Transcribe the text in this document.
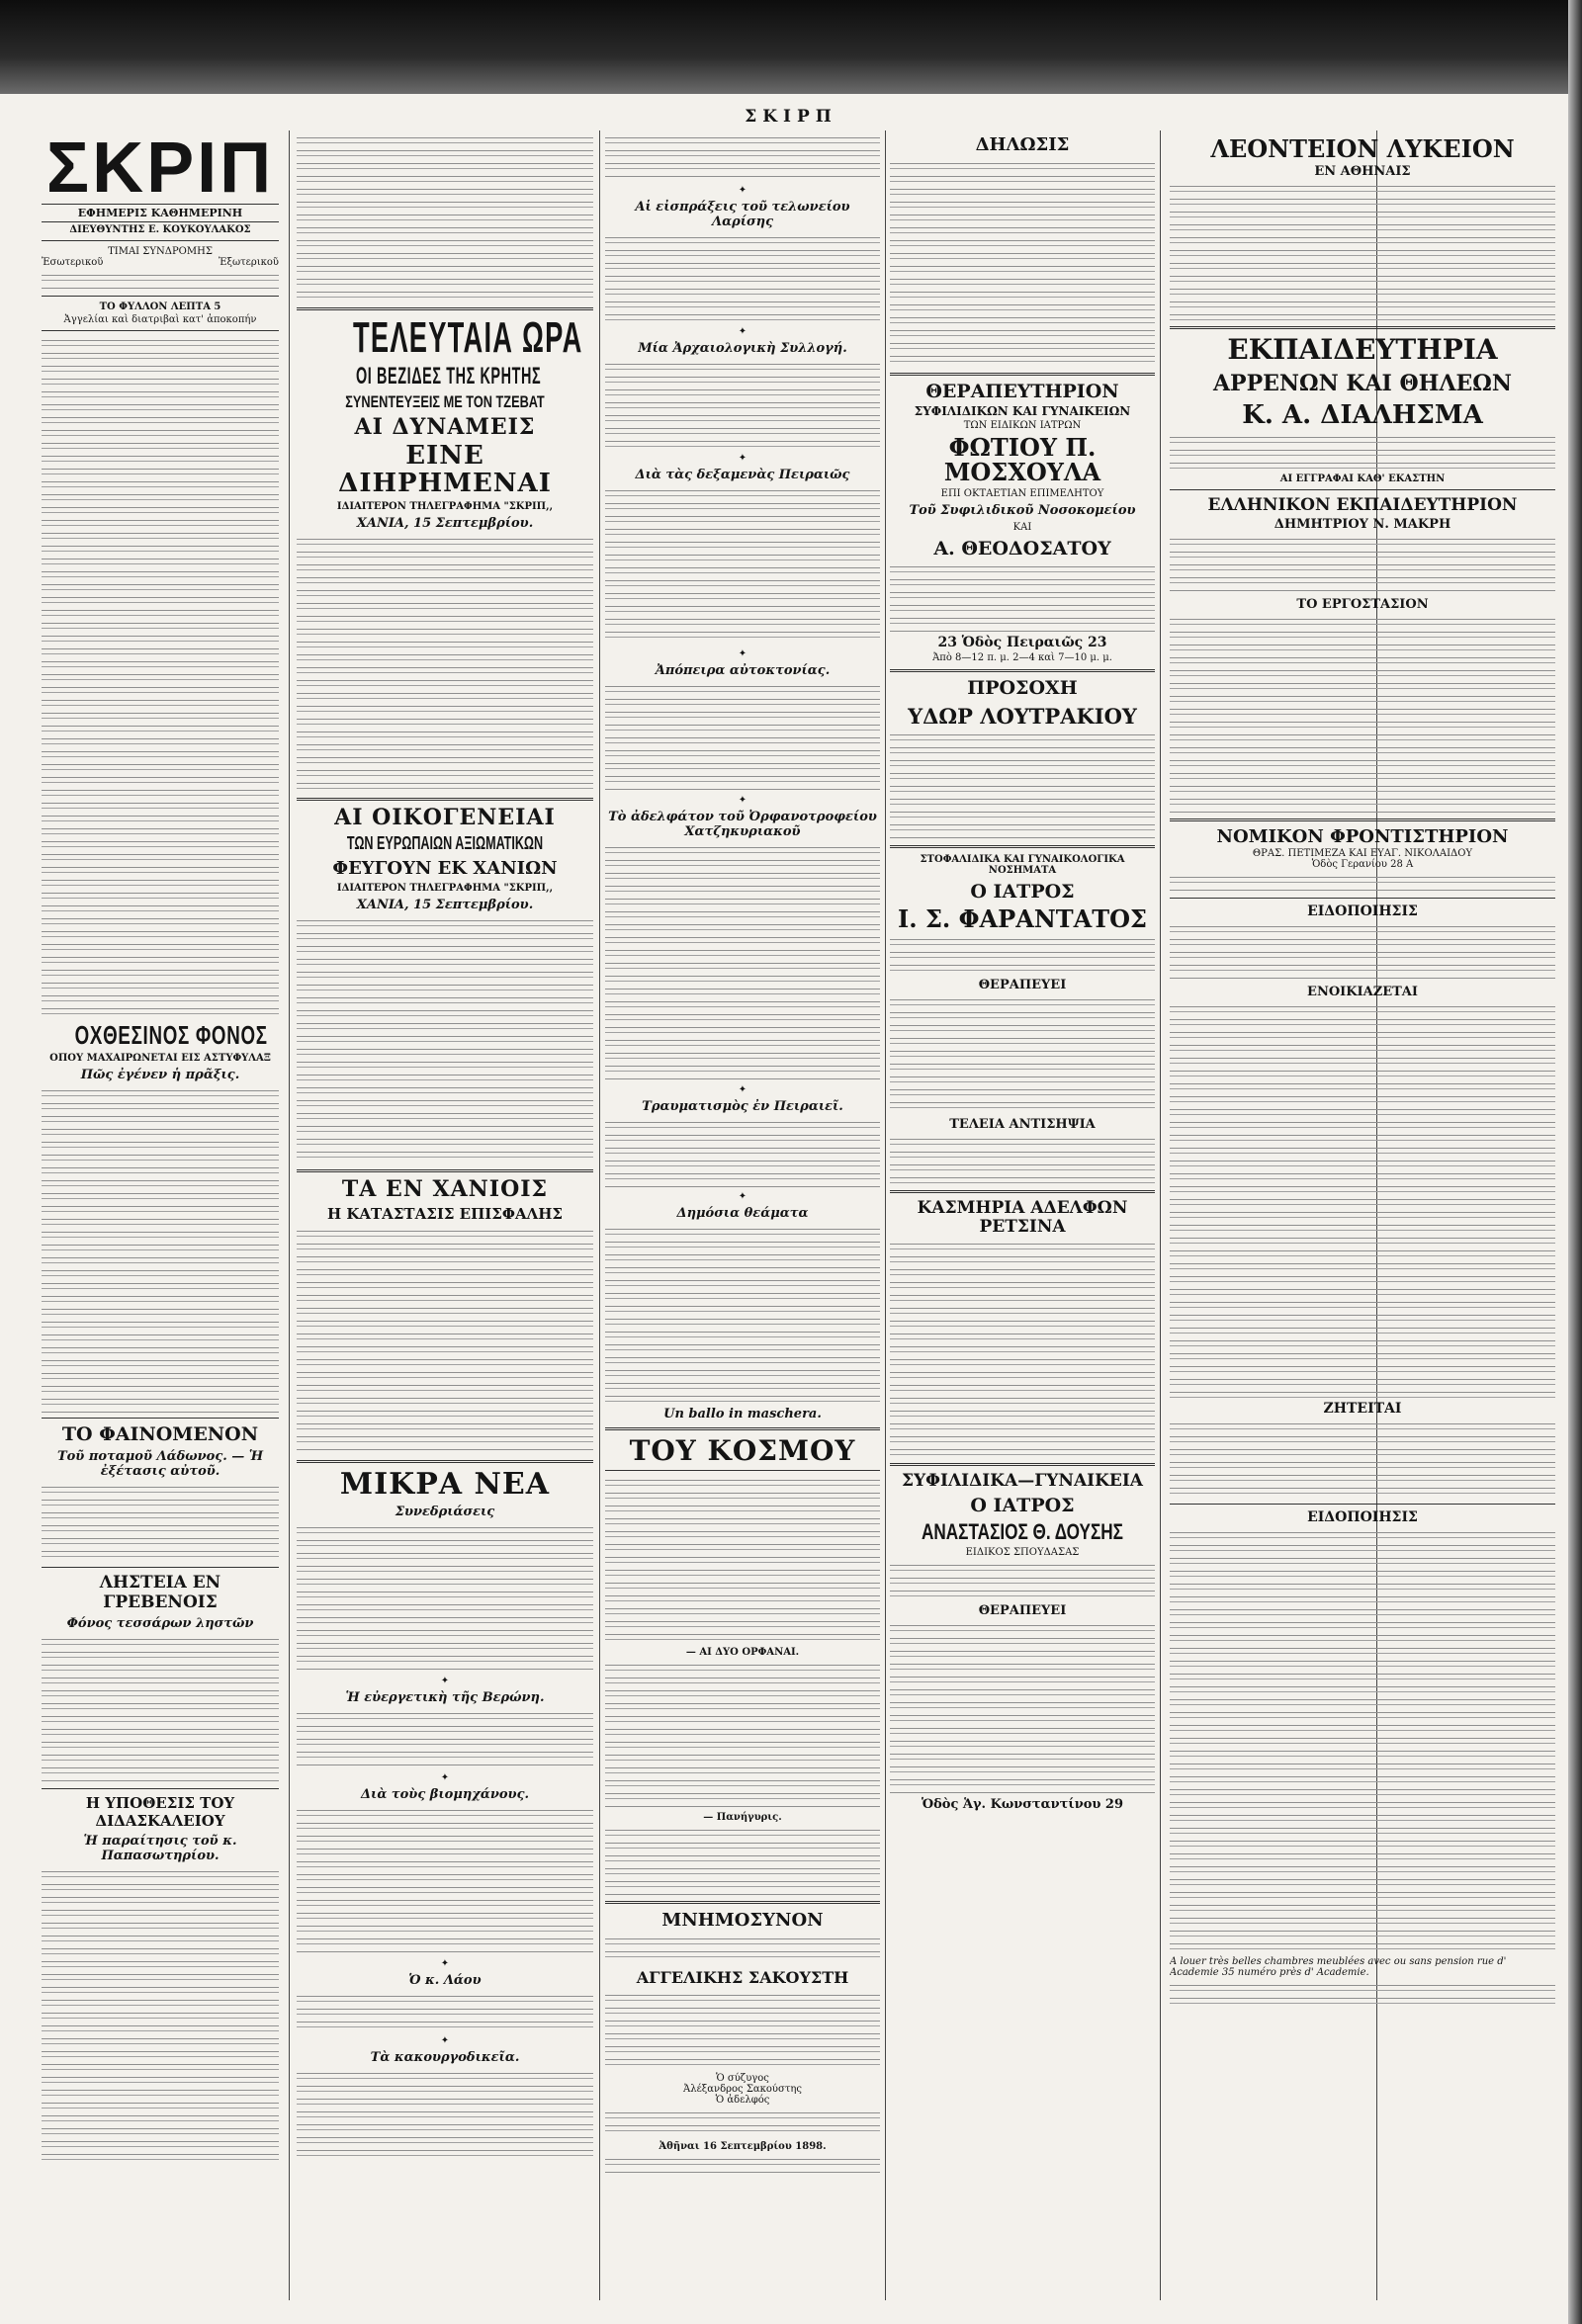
ΣΚΙΡΠ
ΣΚΡΙΠ
ΕΦΗΜΕΡΙΣ ΚΑΘΗΜΕΡΙΝΗ
ΔΙΕΥΘΥΝΤΗΣ Ε. ΚΟΥΚΟΥΛΑΚΟΣ
ΤΙΜΑΙ ΣΥΝΔΡΟΜΗΣ
Ἐσωτερικοῦ	Ἐξωτερικοῦ
ΤΟ ΦΥΛΛΟΝ ΛΕΠΤΑ 5
Ἀγγελίαι καὶ διατριβαὶ κατ' ἀποκοπήν
ΟΧΘΕΣΙΝΟΣ ΦΟΝΟΣ
ΟΠΟΥ ΜΑΧΑΙΡΩΝΕΤΑΙ ΕΙΣ ΑΣΤΥΦΥΛΑΞ
Πῶς ἐγένεν ἡ πρᾶξις.
ΤΟ ΦΑΙΝΟΜΕΝΟΝ
Τοῦ ποταμοῦ Λάδωνος. — Ἡ ἐξέτασις αὐτοῦ.
ΛΗΣΤΕΙΑ ΕΝ ΓΡΕΒΕΝΟΙΣ
Φόνος τεσσάρων ληστῶν
Η ΥΠΟΘΕΣΙΣ ΤΟΥ ΔΙΔΑΣΚΑΛΕΙΟΥ
Ἡ παραίτησις τοῦ κ. Παπασωτηρίου.
ΤΕΛΕΥΤΑΙΑ ΩΡΑ
ΟΙ ΒΕΖΙΔΕΣ ΤΗΣ ΚΡΗΤΗΣ
ΣΥΝΕΝΤΕΥΞΕΙΣ ΜΕ ΤΟΝ ΤΖΕΒΑΤ
ΑΙ ΔΥΝΑΜΕΙΣ
ΕΙΝΕ ΔΙΗΡΗΜΕΝΑΙ
ΙΔΙΑΙΤΕΡΟΝ ΤΗΛΕΓΡΑΦΗΜΑ "ΣΚΡΙΠ,,
ΧΑΝΙΑ, 15 Σεπτεμβρίου.
ΑΙ ΟΙΚΟΓΕΝΕΙΑΙ
ΤΩΝ ΕΥΡΩΠΑΙΩΝ ΑΞΙΩΜΑΤΙΚΩΝ
ΦΕΥΓΟΥΝ ΕΚ ΧΑΝΙΩΝ
ΙΔΙΑΙΤΕΡΟΝ ΤΗΛΕΓΡΑΦΗΜΑ "ΣΚΡΙΠ,,
ΧΑΝΙΑ, 15 Σεπτεμβρίου.
ΤΑ ΕΝ ΧΑΝΙΟΙΣ
Η ΚΑΤΑΣΤΑΣΙΣ ΕΠΙΣΦΑΛΗΣ
ΜΙΚΡΑ ΝΕΑ
Συνεδριάσεις
✦
Ἡ εὐεργετικὴ τῆς Βερώνη.
✦
Διὰ τοὺς βιομηχάνους.
✦
Ὁ κ. Λάου
✦
Τὰ κακουργοδικεῖα.
✦
Αἱ εἰσπράξεις τοῦ τελωνείου Λαρίσης
✦
Μία Ἀρχαιολογικὴ Συλλογή.
✦
Διὰ τὰς δεξαμενὰς Πειραιῶς
✦
Ἀπόπειρα αὐτοκτονίας.
✦
Τὸ ἀδελφάτον τοῦ Ὀρφανοτροφείου Χατζηκυριακοῦ
✦
Τραυματισμὸς ἐν Πειραιεῖ.
✦
Δημόσια θεάματα
Un ballo in maschera.
ΤΟΥ ΚΟΣΜΟΥ
— ΑΙ ΔΥΟ ΟΡΦΑΝΑΙ.
— Πανήγυρις.
ΜΝΗΜΟΣΥΝΟΝ
ΑΓΓΕΛΙΚΗΣ ΣΑΚΟΥΣΤΗ
Ὁ σύζυγος
Ἀλέξανδρος Σακούστης
Ὁ ἀδελφός
Ἀθῆναι 16 Σεπτεμβρίου 1898.
ΔΗΛΩΣΙΣ
ΘΕΡΑΠΕΥΤΗΡΙΟΝ
ΣΥΦΙΛΙΔΙΚΩΝ ΚΑΙ ΓΥΝΑΙΚΕΙΩΝ
ΤΩΝ ΕΙΔΙΚΩΝ ΙΑΤΡΩΝ
ΦΩΤΙΟΥ Π. ΜΟΣΧΟΥΛΑ
ΕΠΙ ΟΚΤΑΕΤΙΑΝ ΕΠΙΜΕΛΗΤΟΥ
Τοῦ Συφιλιδικοῦ Νοσοκομείου
ΚΑΙ
Α. ΘΕΟΔΟΣΑΤΟΥ
23 Ὁδὸς Πειραιῶς 23
Ἀπὸ 8—12 π. μ. 2—4 καὶ 7—10 μ. μ.
ΠΡΟΣΟΧΗ
ΥΔΩΡ ΛΟΥΤΡΑΚΙΟΥ
ΣΤΟΦΑΛΙΔΙΚΑ ΚΑΙ ΓΥΝΑΙΚΟΛΟΓΙΚΑ ΝΟΣΗΜΑΤΑ
Ο ΙΑΤΡΟΣ
Ι. Σ. ΦΑΡΑΝΤΑΤΟΣ
ΘΕΡΑΠΕΥΕΙ
ΤΕΛΕΙΑ ΑΝΤΙΣΗΨΙΑ
ΚΑΣΜΗΡΙΑ ΑΔΕΛΦΩΝ ΡΕΤΣΙΝΑ
ΣΥΦΙΛΙΔΙΚΑ—ΓΥΝΑΙΚΕΙΑ
Ο ΙΑΤΡΟΣ
ΑΝΑΣΤΑΣΙΟΣ Θ. ΔΟΥΣΗΣ
ΕΙΔΙΚΟΣ ΣΠΟΥΔΑΣΑΣ
ΘΕΡΑΠΕΥΕΙ
Ὁδὸς Ἁγ. Κωνσταντίνου 29
ΛΕΟΝΤΕΙΟΝ ΛΥΚΕΙΟΝ
ΕΝ ΑΘΗΝΑΙΣ
ΕΚΠΑΙΔΕΥΤΗΡΙΑ
ΑΡΡΕΝΩΝ ΚΑΙ ΘΗΛΕΩΝ
Κ. Α. ΔΙΑΛΗΣΜΑ
ΑΙ ΕΓΓΡΑΦΑΙ ΚΑΘ' ΕΚΑΣΤΗΝ
ΕΛΛΗΝΙΚΟΝ ΕΚΠΑΙΔΕΥΤΗΡΙΟΝ
ΔΗΜΗΤΡΙΟΥ Ν. ΜΑΚΡΗ
ΤΟ ΕΡΓΟΣΤΑΣΙΟΝ
ΝΟΜΙΚΟΝ ΦΡΟΝΤΙΣΤΗΡΙΟΝ
ΘΡΑΣ. ΠΕΤΙΜΕΖΑ ΚΑΙ ΕΥΑΓ. ΝΙΚΟΛΑΙΔΟΥ
Ὁδὸς Γερανίου 28 A
ΕΙΔΟΠΟΙΗΣΙΣ
ΕΝΟΙΚΙΑΖΕΤΑΙ
ΖΗΤΕΙΤΑΙ
ΕΙΔΟΠΟΙΗΣΙΣ
A louer très belles chambres meublées avec ou sans pension rue d' Academie 35 numéro près d' Academie.
